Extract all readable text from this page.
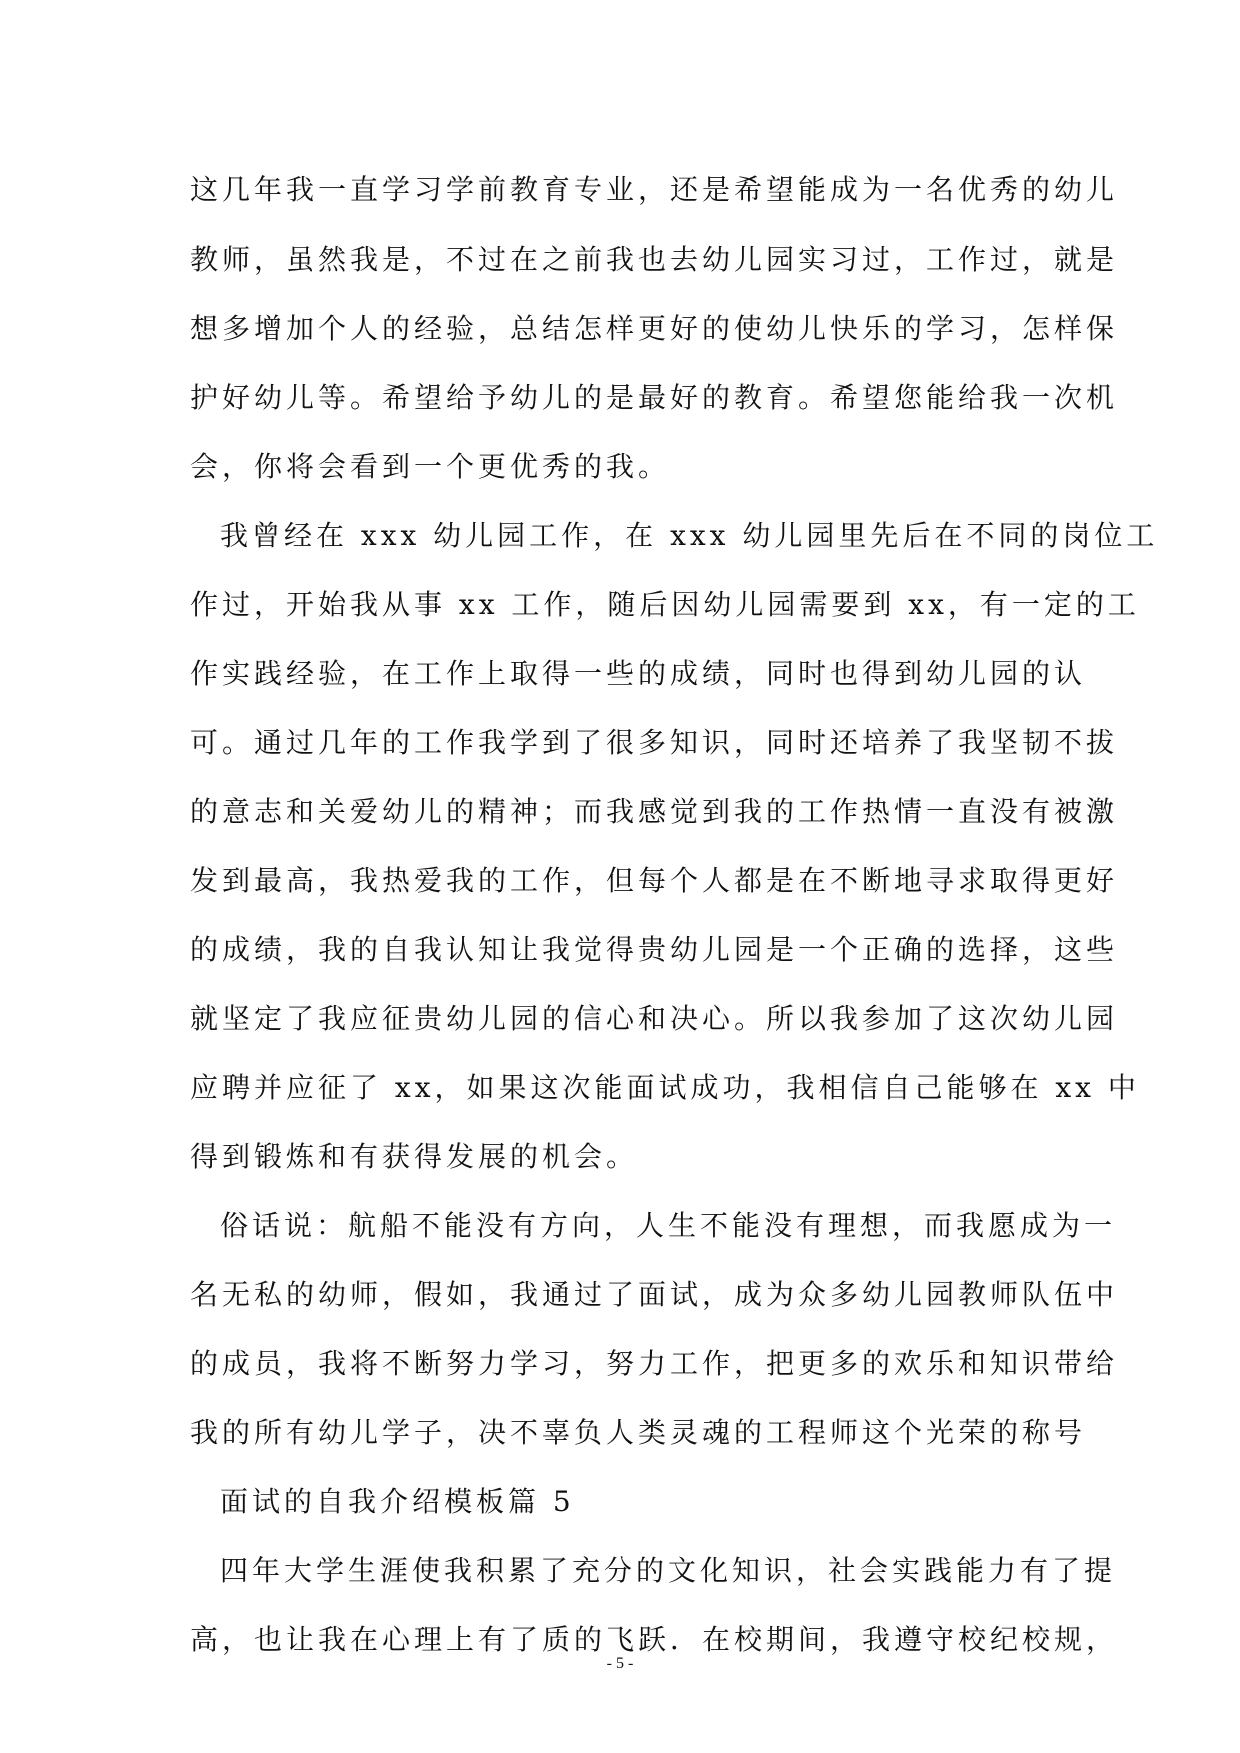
这几年我一直学习学前教育专业，还是希望能成为一名优秀的幼儿
教师，虽然我是，不过在之前我也去幼儿园实习过，工作过，就是
想多增加个人的经验，总结怎样更好的使幼儿快乐的学习，怎样保
护好幼儿等。希望给予幼儿的是最好的教育。希望您能给我一次机
会，你将会看到一个更优秀的我。
我曾经在 xxx 幼儿园工作，在 xxx 幼儿园里先后在不同的岗位工
作过，开始我从事 xx 工作，随后因幼儿园需要到 xx，有一定的工
作实践经验，在工作上取得一些的成绩，同时也得到幼儿园的认
可。通过几年的工作我学到了很多知识，同时还培养了我坚韧不拔
的意志和关爱幼儿的精神；而我感觉到我的工作热情一直没有被激
发到最高，我热爱我的工作，但每个人都是在不断地寻求取得更好
的成绩，我的自我认知让我觉得贵幼儿园是一个正确的选择，这些
就坚定了我应征贵幼儿园的信心和决心。所以我参加了这次幼儿园
应聘并应征了 xx，如果这次能面试成功，我相信自己能够在 xx 中
得到锻炼和有获得发展的机会。
俗话说：航船不能没有方向，人生不能没有理想，而我愿成为一
名无私的幼师，假如，我通过了面试，成为众多幼儿园教师队伍中
的成员，我将不断努力学习，努力工作，把更多的欢乐和知识带给
我的所有幼儿学子，决不辜负人类灵魂的工程师这个光荣的称号
面试的自我介绍模板篇 5
四年大学生涯使我积累了充分的文化知识，社会实践能力有了提
高，也让我在心理上有了质的飞跃．在校期间，我遵守校纪校规，
- 5 -
